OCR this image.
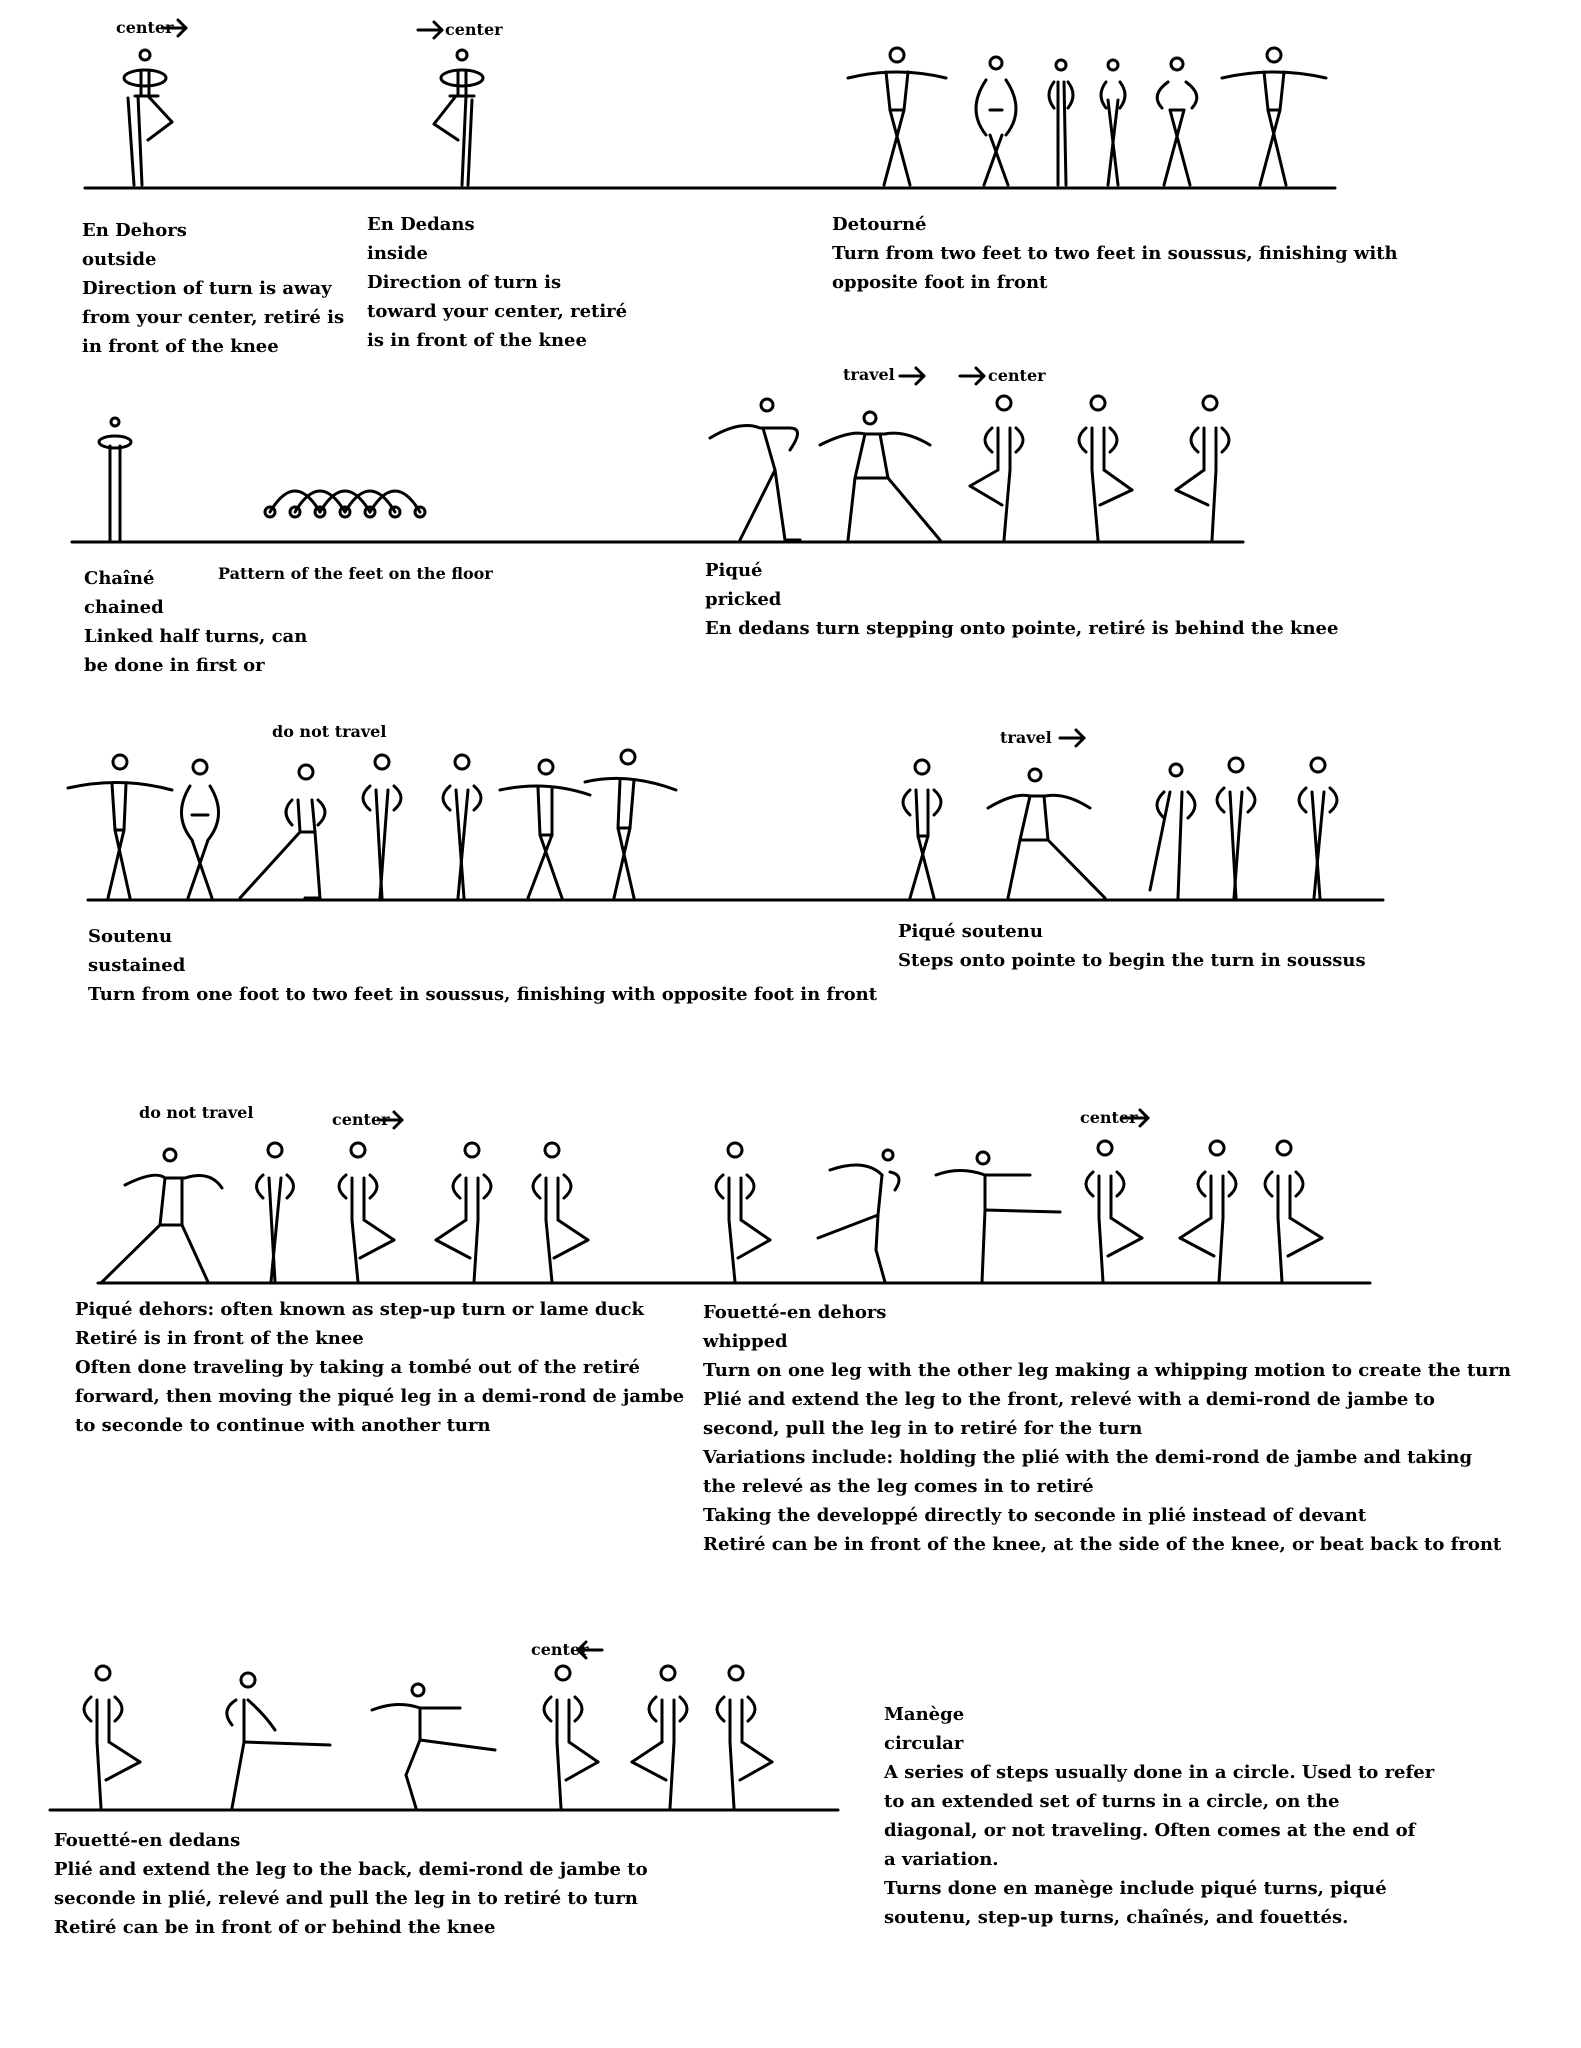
center	center
travel	center
do not travel	travel
do not travel	center	center
center
Pattern of the feet on the floor
En Dehors
outside
Direction of turn is away
from your center, retiré is
in front of the knee
En Dedans
inside
Direction of turn is
toward your center, retiré
is in front of the knee
Detourné
Turn from two feet to two feet in soussus, finishing with
opposite foot in front
Chaîné
chained
Linked half turns, can
be done in first or
Piqué
pricked
En dedans turn stepping onto pointe, retiré is behind the knee
Soutenu
sustained
Turn from one foot to two feet in soussus, finishing with opposite foot in front
Piqué soutenu
Steps onto pointe to begin the turn in soussus
Piqué dehors: often known as step-up turn or lame duck
Retiré is in front of the knee
Often done traveling by taking a tombé out of the retiré
forward, then moving the piqué leg in a demi-rond de jambe
to seconde to continue with another turn
Fouetté-en dehors
whipped
Turn on one leg with the other leg making a whipping motion to create the turn
Plié and extend the leg to the front, relevé with a demi-rond de jambe to
second, pull the leg in to retiré for the turn
Variations include: holding the plié with the demi-rond de jambe and taking
the relevé as the leg comes in to retiré
Taking the developpé directly to seconde in plié instead of devant
Retiré can be in front of the knee, at the side of the knee, or beat back to front
Fouetté-en dedans
Plié and extend the leg to the back, demi-rond de jambe to
seconde in plié, relevé and pull the leg in to retiré to turn
Retiré can be in front of or behind the knee
Manège
circular
A series of steps usually done in a circle. Used to refer
to an extended set of turns in a circle, on the
diagonal, or not traveling. Often comes at the end of
a variation.
Turns done en manège include piqué turns, piqué
soutenu, step-up turns, chaînés, and fouettés.
